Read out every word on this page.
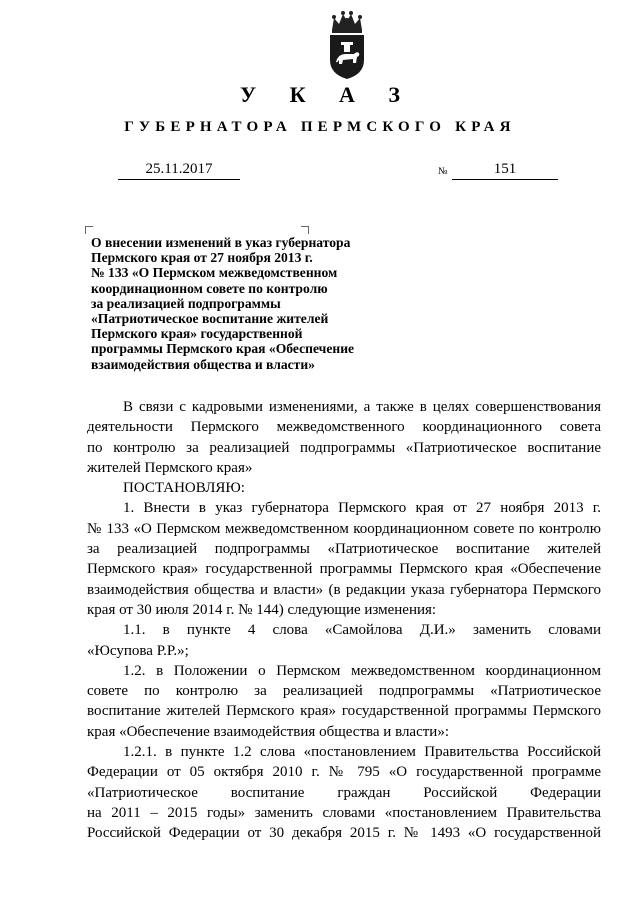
У К А З
ГУБЕРНАТОРА ПЕРМСКОГО КРАЯ
25.11.2017	№	151
О внесении изменений в указ губернатора
Пермского края от 27 ноября 2013 г.
№ 133 «О Пермском межведомственном
координационном совете по контролю
за реализацией подпрограммы
«Патриотическое воспитание жителей
Пермского края» государственной
программы Пермского края «Обеспечение
взаимодействия общества и власти»
В связи с кадровыми изменениями, а также в целях совершенствования
деятельности Пермского межведомственного координационного совета
по контролю за реализацией подпрограммы «Патриотическое воспитание
жителей Пермского края»
ПОСТАНОВЛЯЮ:
1. Внести в указ губернатора Пермского края от 27 ноября 2013 г.
№ 133 «О Пермском межведомственном координационном совете по контролю
за реализацией подпрограммы «Патриотическое воспитание жителей
Пермского края» государственной программы Пермского края «Обеспечение
взаимодействия общества и власти» (в редакции указа губернатора Пермского
края от 30 июля 2014 г. № 144) следующие изменения:
1.1. в пункте 4 слова «Самойлова Д.И.» заменить словами
«Юсупова Р.Р.»;
1.2. в Положении о Пермском межведомственном координационном
совете по контролю за реализацией подпрограммы «Патриотическое
воспитание жителей Пермского края» государственной программы Пермского
края «Обеспечение взаимодействия общества и власти»:
1.2.1. в пункте 1.2 слова «постановлением Правительства Российской
Федерации от 05 октября 2010 г. № 795 «О государственной программе
«Патриотическое воспитание граждан Российской Федерации
на 2011 – 2015 годы» заменить словами «постановлением Правительства
Российской Федерации от 30 декабря 2015 г. № 1493 «О государственной
